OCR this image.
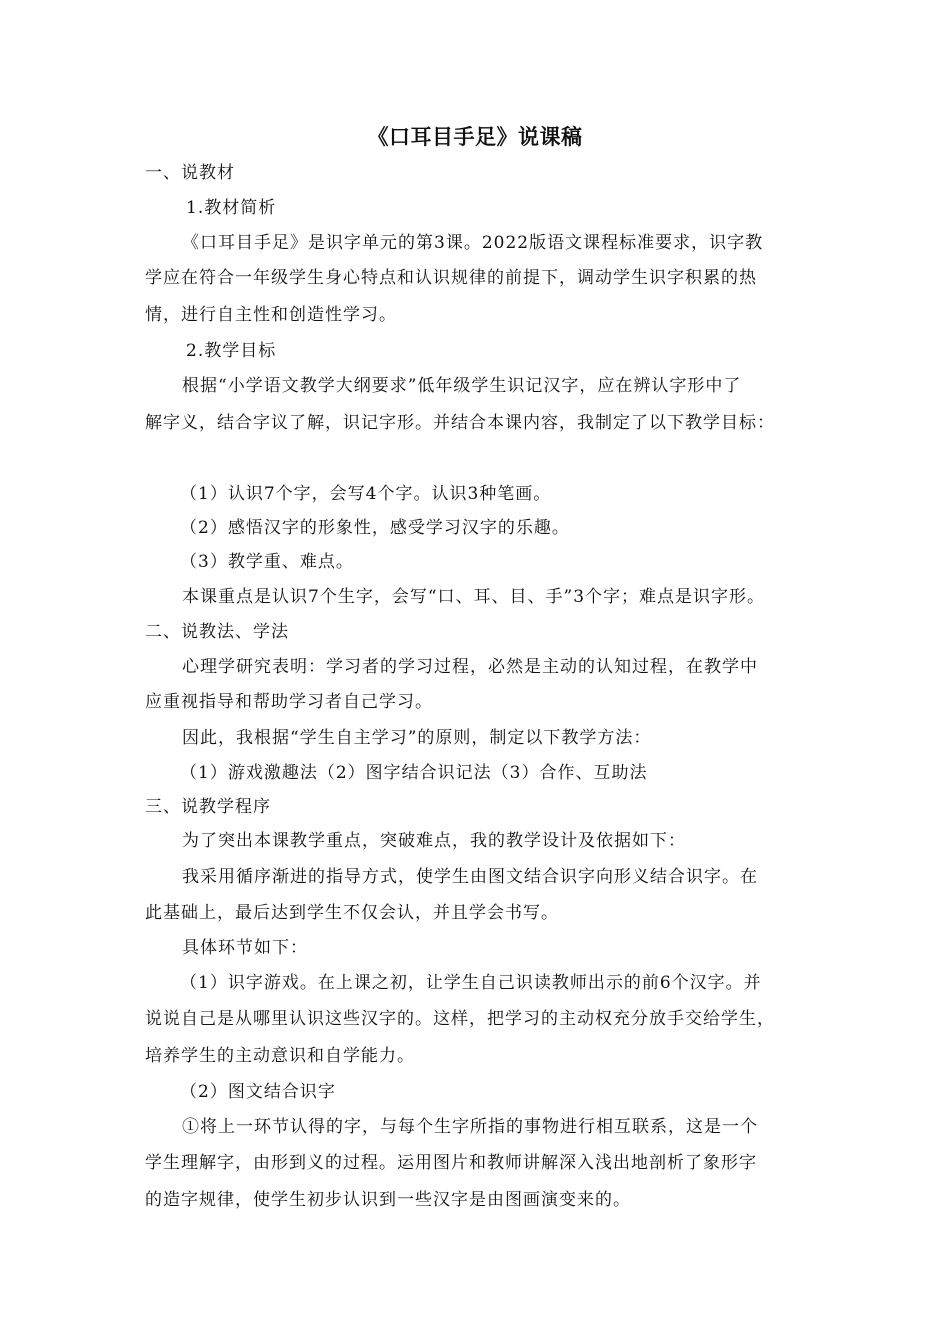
《口耳目手足》说课稿
一、说教材
1.教材简析
《口耳目手足》是识字单元的第3课。2022版语文课程标准要求，识字教
学应在符合一年级学生身心特点和认识规律的前提下，调动学生识字积累的热
情，进行自主性和创造性学习。
2.教学目标
根据“小学语文教学大纲要求”低年级学生识记汉字，应在辨认字形中了
解字义，结合字议了解，识记字形。并结合本课内容，我制定了以下教学目标：
（1）认识7个字，会写4个字。认识3种笔画。
（2）感悟汉字的形象性，感受学习汉字的乐趣。
（3）教学重、难点。
本课重点是认识7个生字，会写“口、耳、目、手”3个字；难点是识字形。
二、说教法、学法
心理学研究表明：学习者的学习过程，必然是主动的认知过程，在教学中
应重视指导和帮助学习者自己学习。
因此，我根据“学生自主学习”的原则，制定以下教学方法：
（1）游戏激趣法（2）图字结合识记法（3）合作、互助法
三、说教学程序
为了突出本课教学重点，突破难点，我的教学设计及依据如下：
我采用循序渐进的指导方式，使学生由图文结合识字向形义结合识字。在
此基础上，最后达到学生不仅会认，并且学会书写。
具体环节如下：
（1）识字游戏。在上课之初，让学生自己识读教师出示的前6个汉字。并
说说自己是从哪里认识这些汉字的。这样，把学习的主动权充分放手交给学生，
培养学生的主动意识和自学能力。
（2）图文结合识字
①将上一环节认得的字，与每个生字所指的事物进行相互联系，这是一个
学生理解字，由形到义的过程。运用图片和教师讲解深入浅出地剖析了象形字
的造字规律，使学生初步认识到一些汉字是由图画演变来的。
